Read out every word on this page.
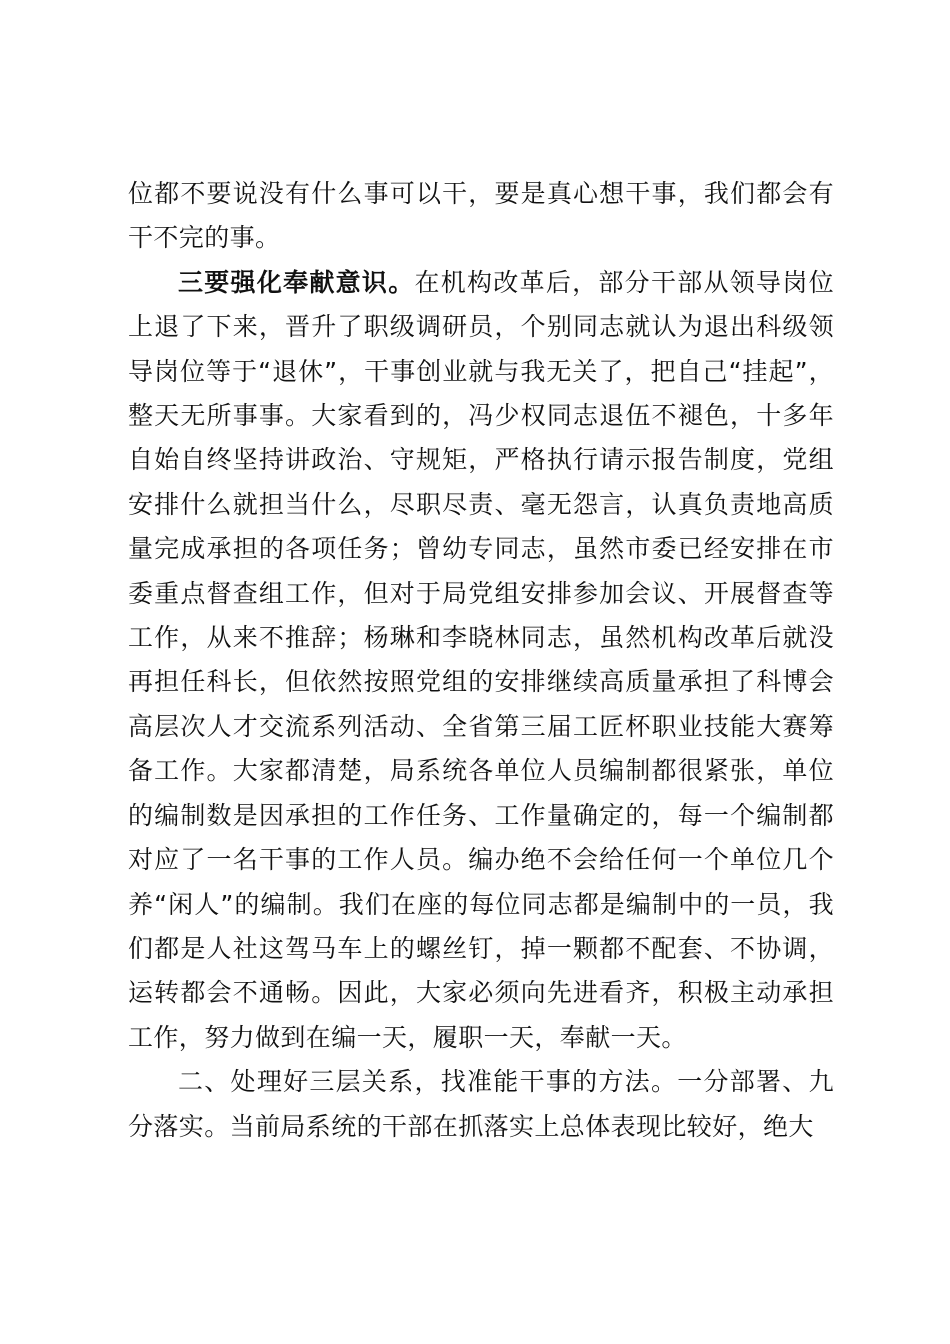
位都不要说没有什么事可以干，要是真心想干事，我们都会有干不完的事。

三要强化奉献意识。在机构改革后，部分干部从领导岗位上退了下来，晋升了职级调研员，个别同志就认为退出科级领导岗位等于“退休”，干事创业就与我无关了，把自己“挂起”，整天无所事事。大家看到的，冯少权同志退伍不褪色，十多年自始自终坚持讲政治、守规矩，严格执行请示报告制度，党组安排什么就担当什么，尽职尽责、毫无怨言，认真负责地高质量完成承担的各项任务；曾幼专同志，虽然市委已经安排在市委重点督查组工作，但对于局党组安排参加会议、开展督查等工作，从来不推辞；杨琳和李晓林同志，虽然机构改革后就没再担任科长，但依然按照党组的安排继续高质量承担了科博会高层次人才交流系列活动、全省第三届工匠杯职业技能大赛筹备工作。大家都清楚，局系统各单位人员编制都很紧张，单位的编制数是因承担的工作任务、工作量确定的，每一个编制都对应了一名干事的工作人员。编办绝不会给任何一个单位几个养“闲人”的编制。我们在座的每位同志都是编制中的一员，我们都是人社这驾马车上的螺丝钉，掉一颗都不配套、不协调，运转都会不通畅。因此，大家必须向先进看齐，积极主动承担工作，努力做到在编一天，履职一天，奉献一天。

二、处理好三层关系，找准能干事的方法。一分部署、九分落实。当前局系统的干部在抓落实上总体表现比较好，绝大
